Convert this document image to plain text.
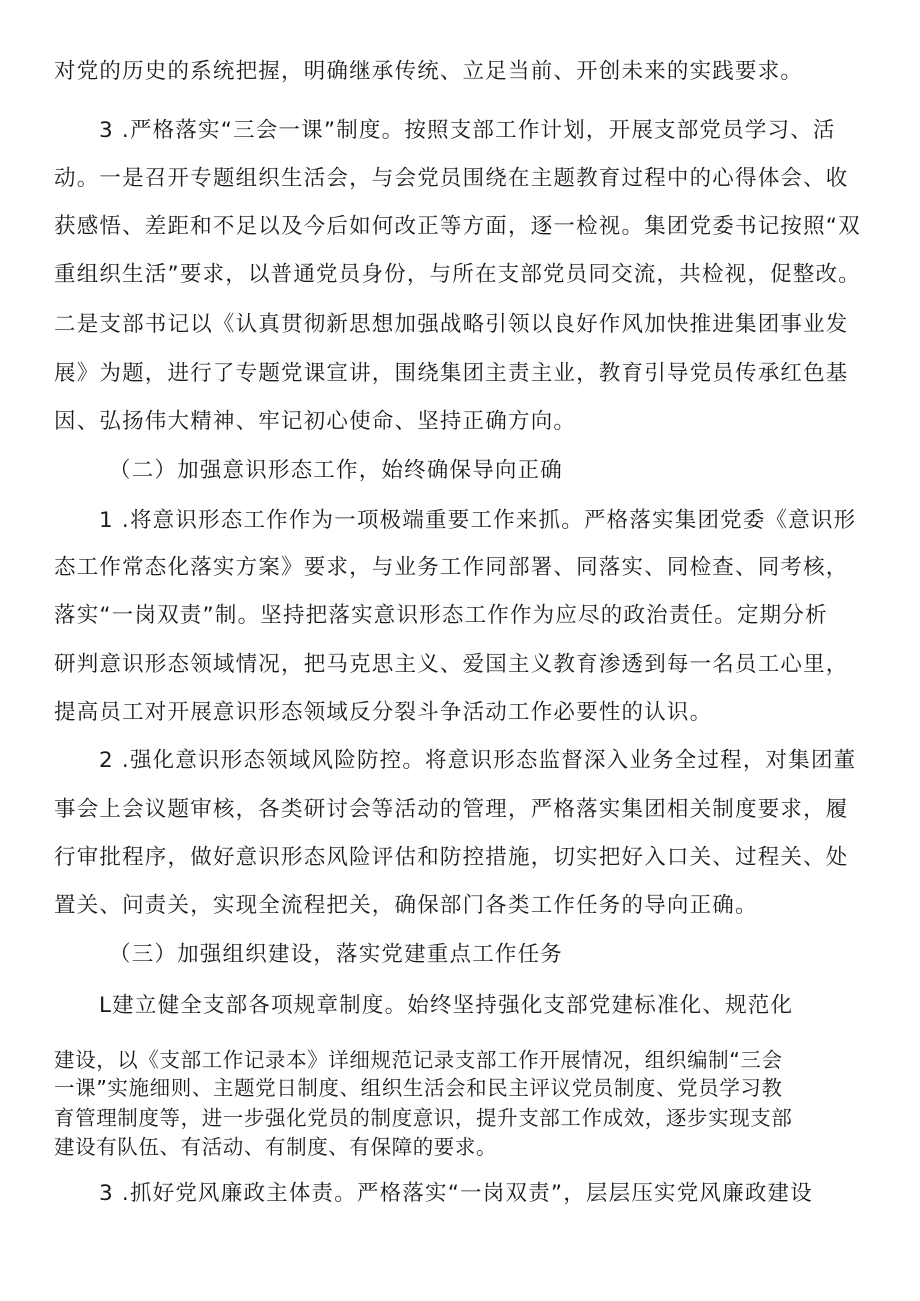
对党的历史的系统把握，明确继承传统、立足当前、开创未来的实践要求。
3 .严格落实“三会一课”制度。按照支部工作计划，开展支部党员学习、活
动。一是召开专题组织生活会，与会党员围绕在主题教育过程中的心得体会、收
获感悟、差距和不足以及今后如何改正等方面，逐一检视。集团党委书记按照“双
重组织生活”要求，以普通党员身份，与所在支部党员同交流，共检视，促整改。
二是支部书记以《认真贯彻新思想加强战略引领以良好作风加快推进集团事业发
展》为题，进行了专题党课宣讲，围绕集团主责主业，教育引导党员传承红色基
因、弘扬伟大精神、牢记初心使命、坚持正确方向。
（二）加强意识形态工作，始终确保导向正确
1 .将意识形态工作作为一项极端重要工作来抓。严格落实集团党委《意识形
态工作常态化落实方案》要求，与业务工作同部署、同落实、同检查、同考核，
落实“一岗双责”制。坚持把落实意识形态工作作为应尽的政治责任。定期分析
研判意识形态领域情况，把马克思主义、爱国主义教育渗透到每一名员工心里，
提高员工对开展意识形态领域反分裂斗争活动工作必要性的认识。
2 .强化意识形态领域风险防控。将意识形态监督深入业务全过程，对集团董
事会上会议题审核，各类研讨会等活动的管理，严格落实集团相关制度要求，履
行审批程序，做好意识形态风险评估和防控措施，切实把好入口关、过程关、处
置关、问责关，实现全流程把关，确保部门各类工作任务的导向正确。
（三）加强组织建设，落实党建重点工作任务
L建立健全支部各项规章制度。始终坚持强化支部党建标准化、规范化
建设，以《支部工作记录本》详细规范记录支部工作开展情况，组织编制“三会
一课”实施细则、主题党日制度、组织生活会和民主评议党员制度、党员学习教
育管理制度等，进一步强化党员的制度意识，提升支部工作成效，逐步实现支部
建设有队伍、有活动、有制度、有保障的要求。
3 .抓好党风廉政主体责。严格落实“一岗双责”，层层压实党风廉政建设
